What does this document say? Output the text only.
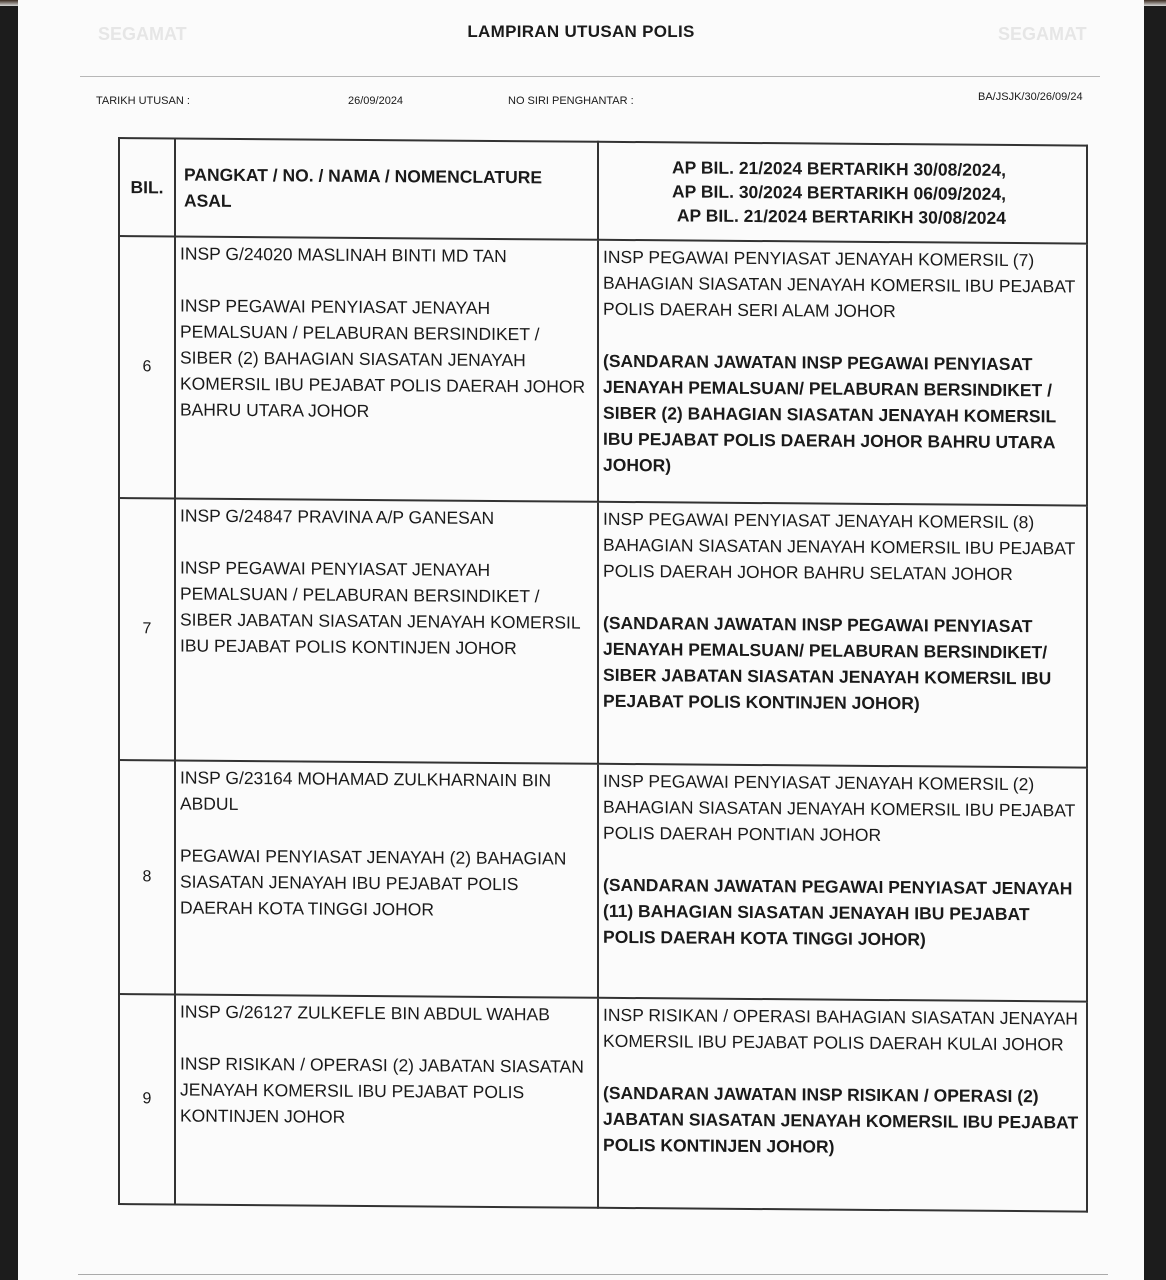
SEGAMAT	SEGAMAT
LAMPIRAN UTUSAN POLIS
TARIKH UTUSAN :	26/09/2024	NO SIRI PENGHANTAR :	BA/JSJK/30/26/09/24
BIL.	PANGKAT / NO. / NAMA / NOMENCLATURE ASAL	AP BIL. 21/2024 BERTARIKH 30/08/2024,
AP BIL. 30/2024 BERTARIKH 06/09/2024,
AP BIL. 21/2024 BERTARIKH 30/08/2024

6	INSP G/24020 MASLINAH BINTI MD TAN
INSP PEGAWAI PENYIASAT JENAYAH PEMALSUAN / PELABURAN BERSINDIKET / SIBER (2) BAHAGIAN SIASATAN JENAYAH KOMERSIL IBU PEJABAT POLIS DAERAH JOHOR BAHRU UTARA JOHOR	INSP PEGAWAI PENYIASAT JENAYAH KOMERSIL (7) BAHAGIAN SIASATAN JENAYAH KOMERSIL IBU PEJABAT POLIS DAERAH SERI ALAM JOHOR
(SANDARAN JAWATAN INSP PEGAWAI PENYIASAT JENAYAH PEMALSUAN/ PELABURAN BERSINDIKET / SIBER (2) BAHAGIAN SIASATAN JENAYAH KOMERSIL IBU PEJABAT POLIS DAERAH JOHOR BAHRU UTARA JOHOR)

7	INSP G/24847 PRAVINA A/P GANESAN
INSP PEGAWAI PENYIASAT JENAYAH PEMALSUAN / PELABURAN BERSINDIKET / SIBER JABATAN SIASATAN JENAYAH KOMERSIL IBU PEJABAT POLIS KONTINJEN JOHOR	INSP PEGAWAI PENYIASAT JENAYAH KOMERSIL (8) BAHAGIAN SIASATAN JENAYAH KOMERSIL IBU PEJABAT POLIS DAERAH JOHOR BAHRU SELATAN JOHOR
(SANDARAN JAWATAN INSP PEGAWAI PENYIASAT JENAYAH PEMALSUAN/ PELABURAN BERSINDIKET/ SIBER JABATAN SIASATAN JENAYAH KOMERSIL IBU PEJABAT POLIS KONTINJEN JOHOR)

8	INSP G/23164 MOHAMAD ZULKHARNAIN BIN ABDUL
PEGAWAI PENYIASAT JENAYAH (2) BAHAGIAN SIASATAN JENAYAH IBU PEJABAT POLIS DAERAH KOTA TINGGI JOHOR	INSP PEGAWAI PENYIASAT JENAYAH KOMERSIL (2) BAHAGIAN SIASATAN JENAYAH KOMERSIL IBU PEJABAT POLIS DAERAH PONTIAN JOHOR
(SANDARAN JAWATAN PEGAWAI PENYIASAT JENAYAH (11) BAHAGIAN SIASATAN JENAYAH IBU PEJABAT POLIS DAERAH KOTA TINGGI JOHOR)

9	INSP G/26127 ZULKEFLE BIN ABDUL WAHAB
INSP RISIKAN / OPERASI (2) JABATAN SIASATAN JENAYAH KOMERSIL IBU PEJABAT POLIS KONTINJEN JOHOR	INSP RISIKAN / OPERASI BAHAGIAN SIASATAN JENAYAH KOMERSIL IBU PEJABAT POLIS DAERAH KULAI JOHOR
(SANDARAN JAWATAN INSP RISIKAN / OPERASI (2) JABATAN SIASATAN JENAYAH KOMERSIL IBU PEJABAT POLIS KONTINJEN JOHOR)
